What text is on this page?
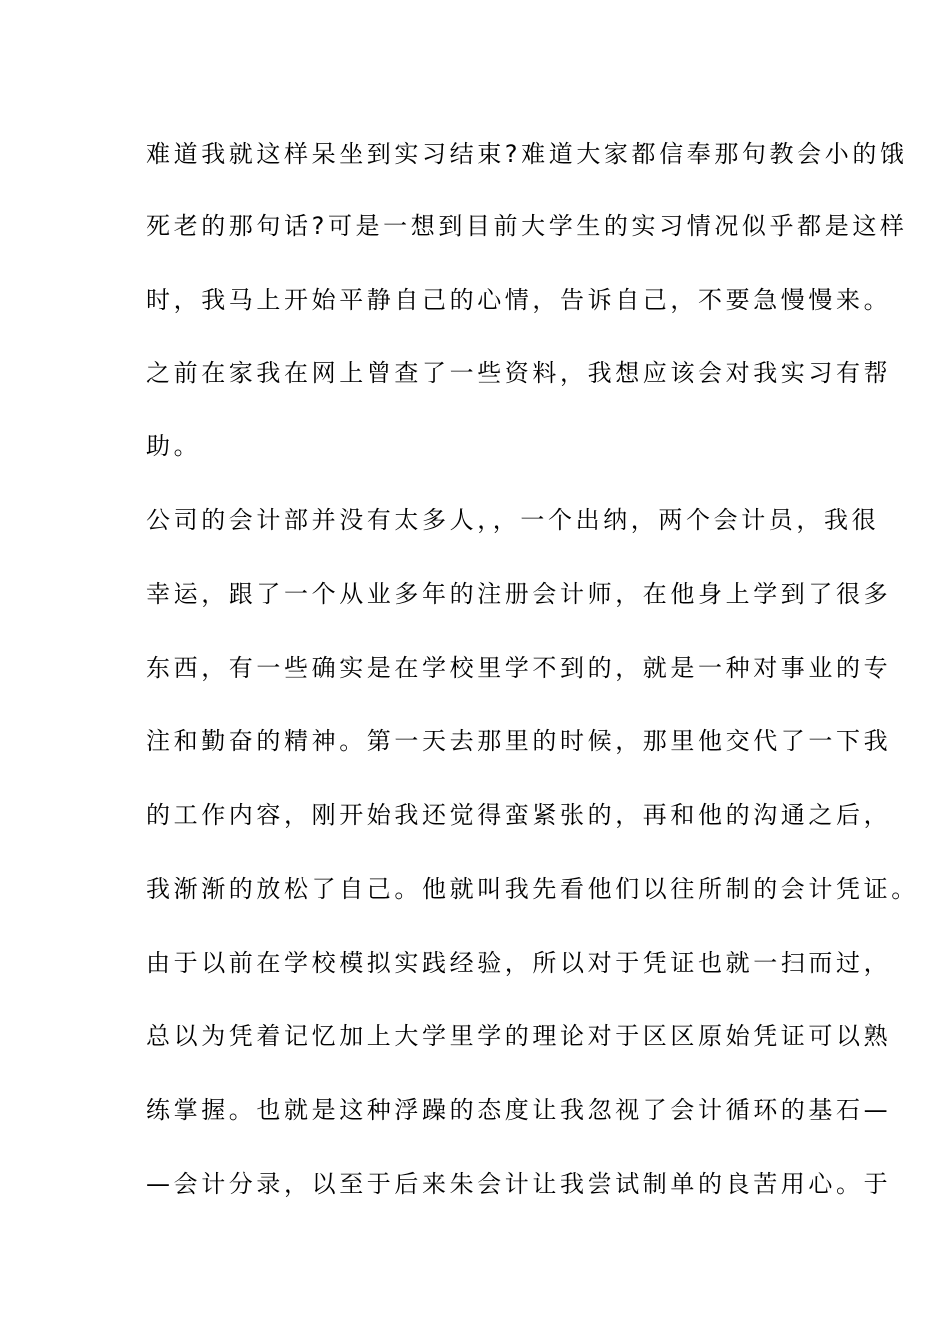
难道我就这样呆坐到实习结束?难道大家都信奉那句教会小的饿
死老的那句话?可是一想到目前大学生的实习情况似乎都是这样
时，我马上开始平静自己的心情，告诉自己，不要急慢慢来。
之前在家我在网上曾查了一些资料，我想应该会对我实习有帮
助。
公司的会计部并没有太多人，，一个出纳，两个会计员，我很
幸运，跟了一个从业多年的注册会计师，在他身上学到了很多
东西，有一些确实是在学校里学不到的，就是一种对事业的专
注和勤奋的精神。第一天去那里的时候，那里他交代了一下我
的工作内容，刚开始我还觉得蛮紧张的，再和他的沟通之后，
我渐渐的放松了自己。他就叫我先看他们以往所制的会计凭证。
由于以前在学校模拟实践经验，所以对于凭证也就一扫而过，
总以为凭着记忆加上大学里学的理论对于区区原始凭证可以熟
练掌握。也就是这种浮躁的态度让我忽视了会计循环的基石—
—会计分录，以至于后来朱会计让我尝试制单的良苦用心。于
